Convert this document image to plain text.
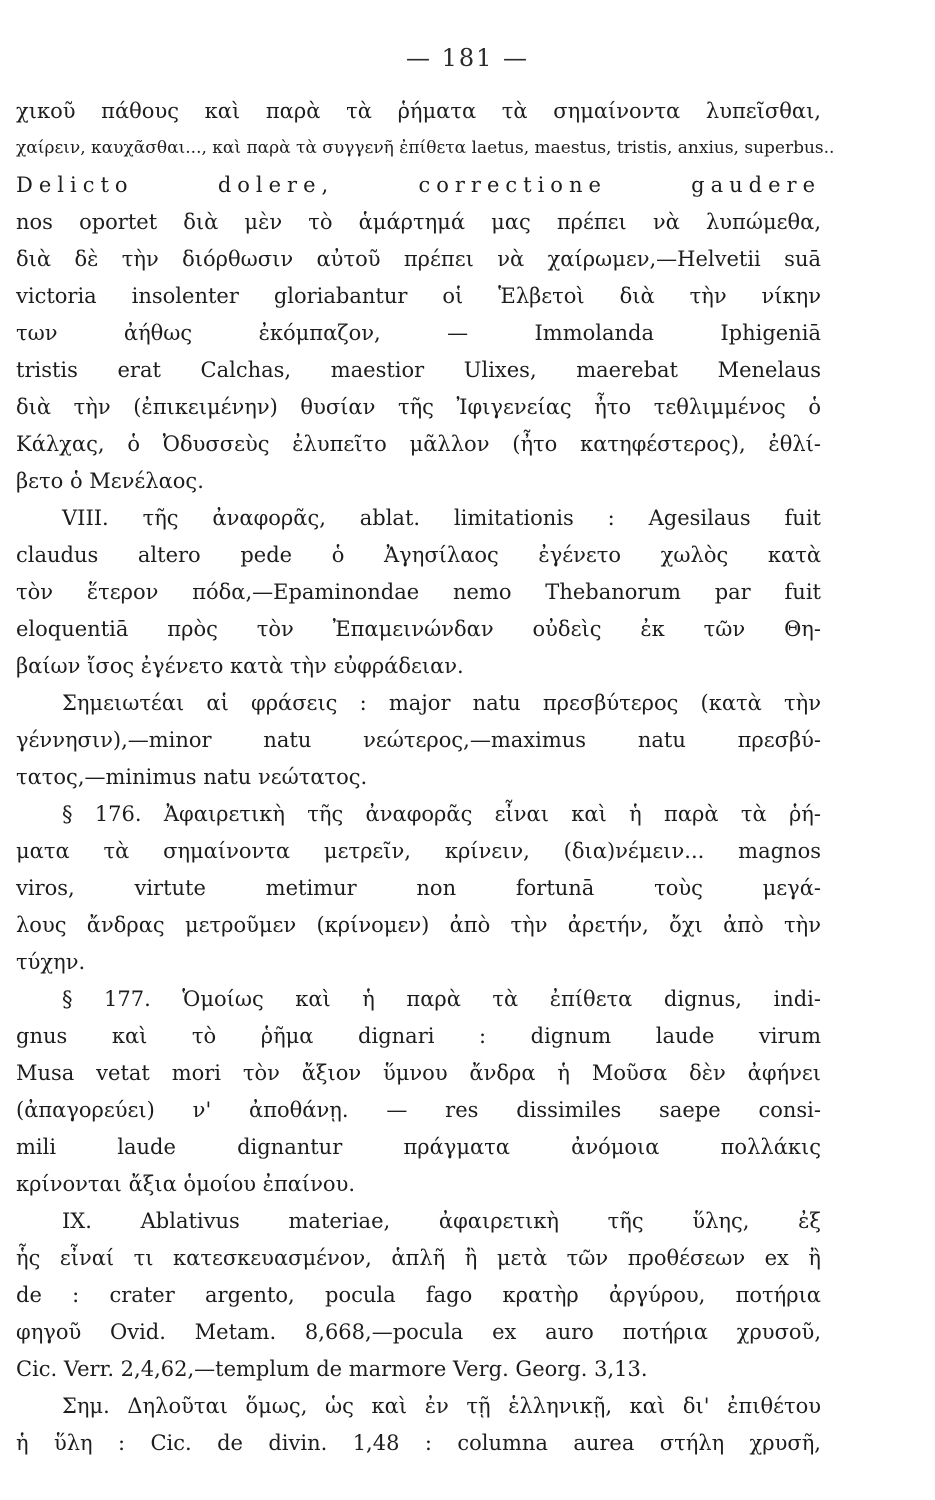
— 181 —
χικοῦ πάθους καὶ παρὰ τὰ ῥήματα τὰ σημαίνοντα λυπεῖσθαι,
χαίρειν, καυχᾶσθαι..., καὶ παρὰ τὰ συγγενῆ ἐπίθετα laetus, maestus, tristis, anxius, superbus..
Delicto dolere, correctione gaudere
nos oportet διὰ μὲν τὸ ἁμάρτημά μας πρέπει νὰ λυπώμεθα,
διὰ δὲ τὴν διόρθωσιν αὐτοῦ πρέπει νὰ χαίρωμεν,—Helvetii suā
victoria insolenter gloriabantur οἱ Ἑλβετοὶ διὰ τὴν νίκην
των ἀήθως ἐκόμπαζον, — Immolanda Iphigeniā
tristis erat Calchas, maestior Ulixes, maerebat Menelaus
διὰ τὴν (ἐπικειμένην) θυσίαν τῆς Ἰφιγενείας ἦτο τεθλιμμένος ὁ
Κάλχας, ὁ Ὀδυσσεὺς ἐλυπεῖτο μᾶλλον (ἦτο κατηφέστερος), ἐθλί-
βετο ὁ Μενέλαος.
VIII. τῆς ἀναφορᾶς, ablat. limitationis : Agesilaus fuit
claudus altero pede ὁ Ἀγησίλαος ἐγένετο χωλὸς κατὰ
τὸν ἕτερον πόδα,—Epaminondae nemo Thebanorum par fuit
eloquentiā πρὸς τὸν Ἐπαμεινώνδαν οὐδεὶς ἐκ τῶν Θη-
βαίων ἴσος ἐγένετο κατὰ τὴν εὐφράδειαν.
Σημειωτέαι αἱ φράσεις : major natu πρεσβύτερος (κατὰ τὴν
γέννησιν),—minor natu νεώτερος,—maximus natu πρεσβύ-
τατος,—minimus natu νεώτατος.
§ 176. Ἀφαιρετικὴ τῆς ἀναφορᾶς εἶναι καὶ ἡ παρὰ τὰ ῥή-
ματα τὰ σημαίνοντα μετρεῖν, κρίνειν, (δια)νέμειν... magnos
viros, virtute metimur non fortunā τοὺς μεγά-
λους ἄνδρας μετροῦμεν (κρίνομεν) ἀπὸ τὴν ἀρετήν, ὄχι ἀπὸ τὴν
τύχην.
§ 177. Ὁμοίως καὶ ἡ παρὰ τὰ ἐπίθετα dignus, indi-
gnus καὶ τὸ ῥῆμα dignari : dignum laude virum
Musa vetat mori τὸν ἄξιον ὕμνου ἄνδρα ἡ Μοῦσα δὲν ἀφήνει
(ἀπαγορεύει) ν' ἀποθάνῃ. — res dissimiles saepe consi-
mili laude dignantur πράγματα ἀνόμοια πολλάκις
κρίνονται ἄξια ὁμοίου ἐπαίνου.
IX. Ablativus materiae, ἀφαιρετικὴ τῆς ὕλης, ἐξ
ἧς εἶναί τι κατεσκευασμένον, ἁπλῆ ἢ μετὰ τῶν προθέσεων ex ἢ
de : crater argento, pocula fago κρατὴρ ἀργύρου, ποτήρια
φηγοῦ Ovid. Metam. 8,668,—pocula ex auro ποτήρια χρυσοῦ,
Cic. Verr. 2,4,62,—templum de marmore Verg. Georg. 3,13.
Σημ. Δηλοῦται ὅμως, ὡς καὶ ἐν τῇ ἑλληνικῇ, καὶ δι' ἐπιθέτου
ἡ ὕλη : Cic. de divin. 1,48 : columna aurea στήλη χρυσῆ,
